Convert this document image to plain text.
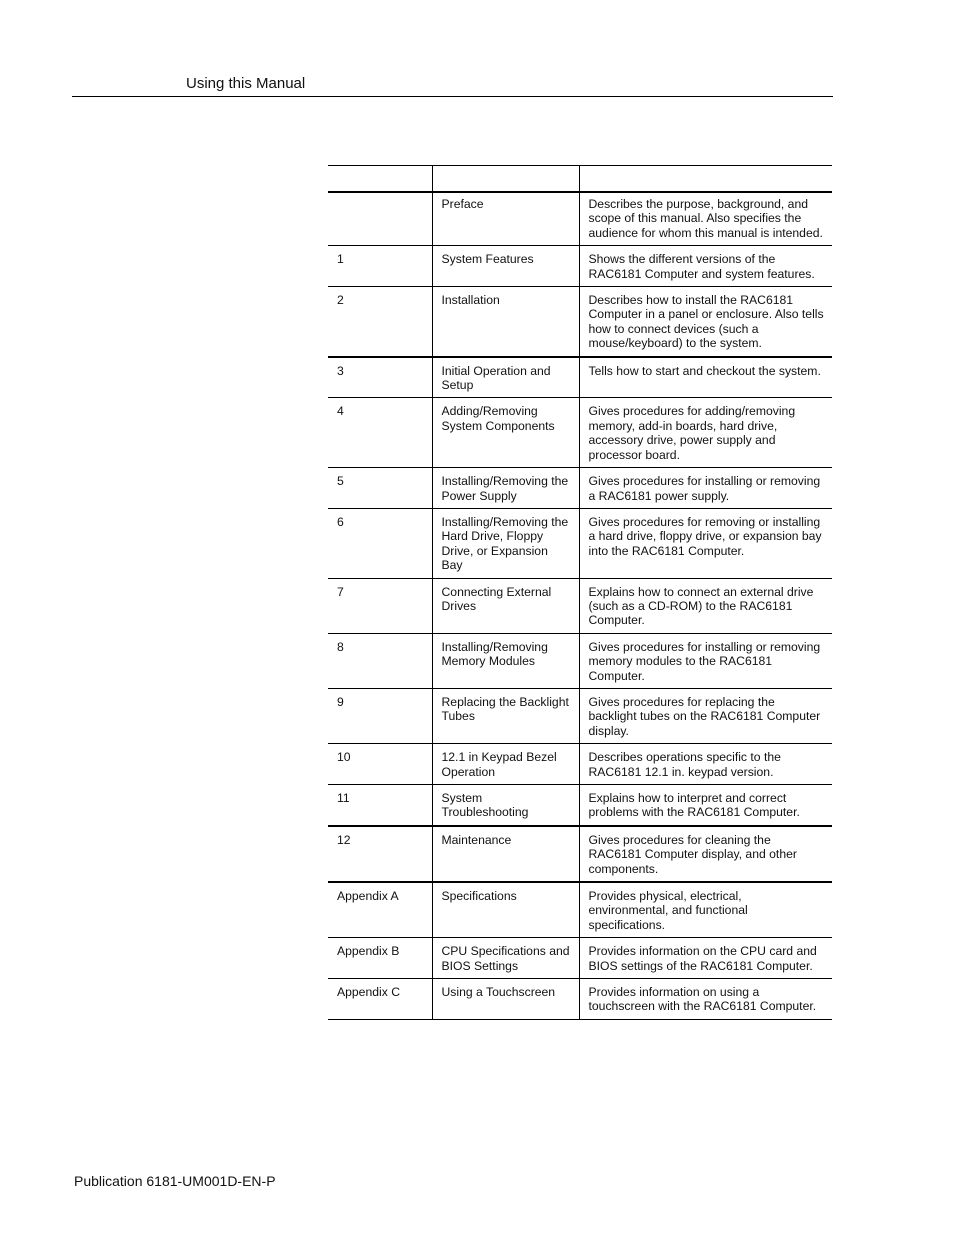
Using this Manual

	Preface	Describes the purpose, background, and scope of this manual. Also specifies the audience for whom this manual is intended.
1	System Features	Shows the different versions of the RAC6181 Computer and system features.
2	Installation	Describes how to install the RAC6181 Computer in a panel or enclosure. Also tells how to connect devices (such a mouse/keyboard) to the system.
3	Initial Operation and Setup	Tells how to start and checkout the system.
4	Adding/Removing System Components	Gives procedures for adding/removing memory, add-in boards, hard drive, accessory drive, power supply and processor board.
5	Installing/Removing the Power Supply	Gives procedures for installing or removing a RAC6181 power supply.
6	Installing/Removing the Hard Drive, Floppy Drive, or Expansion Bay	Gives procedures for removing or installing a hard drive, floppy drive, or expansion bay into the RAC6181 Computer.
7	Connecting External Drives	Explains how to connect an external drive (such as a CD-ROM) to the RAC6181 Computer.
8	Installing/Removing Memory Modules	Gives procedures for installing or removing memory modules to the RAC6181 Computer.
9	Replacing the Backlight Tubes	Gives procedures for replacing the backlight tubes on the RAC6181 Computer display.
10	12.1 in Keypad Bezel Operation	Describes operations specific to the RAC6181 12.1 in. keypad version.
11	System Troubleshooting	Explains how to interpret and correct problems with the RAC6181 Computer.
12	Maintenance	Gives procedures for cleaning the RAC6181 Computer display, and other components.
Appendix A	Specifications	Provides physical, electrical, environmental, and functional specifications.
Appendix B	CPU Specifications and BIOS Settings	Provides information on the CPU card and BIOS settings of the RAC6181 Computer.
Appendix C	Using a Touchscreen	Provides information on using a touchscreen with the RAC6181 Computer.
Publication 6181-UM001D-EN-P
